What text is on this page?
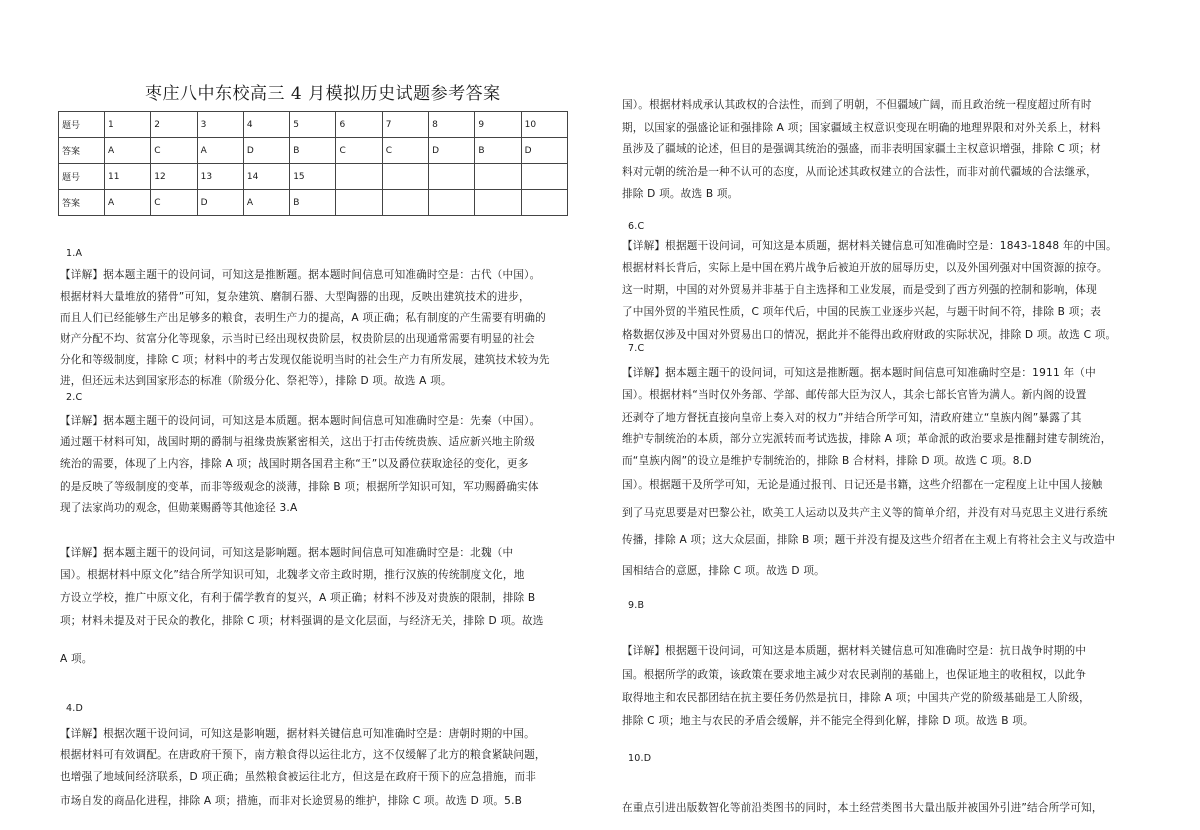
枣庄八中东校高三 4 月模拟历史试题参考答案
题号	1	2	3	4	5	6	7	8	9	10
答案	A	C	A	D	B	C	C	D	B	D
题号	11	12	13	14	15					
答案	A	C	D	A	B					
1.A
【详解】据本题主题干的设问词，可知这是推断题。据本题时间信息可知准确时空是：古代（中国）。
根据材料大量堆放的猪骨”可知，复杂建筑、磨制石器、大型陶器的出现，反映出建筑技术的进步，
而且人们已经能够生产出足够多的粮食，表明生产力的提高，A 项正确；私有制度的产生需要有明确的
财产分配不均、贫富分化等现象，示当时已经出现权贵阶层，权贵阶层的出现通常需要有明显的社会
分化和等级制度，排除 C 项；材料中的考古发现仅能说明当时的社会生产力有所发展，建筑技术较为先
进，但还远未达到国家形态的标准（阶级分化、祭祀等），排除 D 项。故选 A 项。
2.C
【详解】据本题主题干的设问词，可知这是本质题。据本题时间信息可知准确时空是：先秦（中国）。
通过题干材料可知，战国时期的爵制与祖缘贵族紧密相关，这出于打击传统贵族、适应新兴地主阶级
统治的需要，体现了上内容，排除 A 项；战国时期各国君主称“王”以及爵位获取途径的变化，更多
的是反映了等级制度的变革，而非等级观念的淡薄，排除 B 项；根据所学知识可知，军功赐爵确实体
现了法家尚功的观念，但勋莱赐爵等其他途径 3.A
【详解】据本题主题干的设问词，可知这是影响题。据本题时间信息可知准确时空是：北魏（中
国）。根据材料中原文化”结合所学知识可知，北魏孝文帝主政时期，推行汉族的传统制度文化，地
方设立学校，推广中原文化，有利于儒学教育的复兴，A 项正确；材料不涉及对贵族的限制，排除 B
项；材料未提及对于民众的教化，排除 C 项；材料强调的是文化层面，与经济无关，排除 D 项。故选
A 项。
4.D
【详解】根据次题干设问词，可知这是影响题，据材料关键信息可知准确时空是：唐朝时期的中国。
根据材料可有效调配。在唐政府干预下，南方粮食得以运往北方，这不仅缓解了北方的粮食紧缺问题，
也增强了地域间经济联系，D 项正确；虽然粮食被运往北方，但这是在政府干预下的应急措施，而非
市场自发的商品化进程，排除 A 项；措施，而非对长途贸易的维护，排除 C 项。故选 D 项。5.B
国）。根据材料成承认其政权的合法性，而到了明朝，不但疆域广阔，而且政治统一程度超过所有时
期，以国家的强盛论证和强排除 A 项；国家疆域主权意识变现在明确的地理界限和对外关系上，材料
虽涉及了疆域的论述，但目的是强调其统治的强盛，而非表明国家疆土主权意识增强，排除 C 项；材
料对元朝的统治是一种不认可的态度，从而论述其政权建立的合法性，而非对前代疆域的合法继承，
排除 D 项。故选 B 项。
6.C
【详解】根据题干设问词，可知这是本质题，据材料关键信息可知准确时空是：1843-1848 年的中国。
根据材料长背后，实际上是中国在鸦片战争后被迫开放的屈辱历史，以及外国列强对中国资源的掠夺。
这一时期，中国的对外贸易并非基于自主选择和工业发展，而是受到了西方列强的控制和影响，体现
了中国外贸的半殖民性质，C 项年代后，中国的民族工业逐步兴起，与题干时间不符，排除 B 项；表
格数据仅涉及中国对外贸易出口的情况，据此并不能得出政府财政的实际状况，排除 D 项。故选 C 项。
7.C
【详解】据本题主题干的设问词，可知这是推断题。据本题时间信息可知准确时空是：1911 年（中
国）。根据材料“当时仅外务部、学部、邮传部大臣为汉人，其余七部长官皆为满人。新内阁的设置
还剥夺了地方督抚直接向皇帝上奏入对的权力”并结合所学可知，清政府建立“皇族内阁”暴露了其
维护专制统治的本质，部分立宪派转而考试选拔，排除 A 项；革命派的政治要求是推翻封建专制统治，
而“皇族内阁”的设立是维护专制统治的，排除 B 合材料，排除 D 项。故选 C 项。8.D
国）。根据题干及所学可知，无论是通过报刊、日记还是书籍，这些介绍都在一定程度上让中国人接触
到了马克思要是对巴黎公社，欧美工人运动以及共产主义等的简单介绍，并没有对马克思主义进行系统
传播，排除 A 项；这大众层面，排除 B 项；题干并没有提及这些介绍者在主观上有将社会主义与改造中
国相结合的意愿，排除 C 项。故选 D 项。
9.B
【详解】根据题干设问词，可知这是本质题，据材料关键信息可知准确时空是：抗日战争时期的中
国。根据所学的政策，该政策在要求地主减少对农民剥削的基础上，也保证地主的收租权，以此争
取得地主和农民都团结在抗主要任务仍然是抗日，排除 A 项；中国共产党的阶级基础是工人阶级，
排除 C 项；地主与农民的矛盾会缓解，并不能完全得到化解，排除 D 项。故选 B 项。
10.D
在重点引进出版数智化等前沿类图书的同时，本土经营类图书大量出版并被国外引进”结合所学可知，
